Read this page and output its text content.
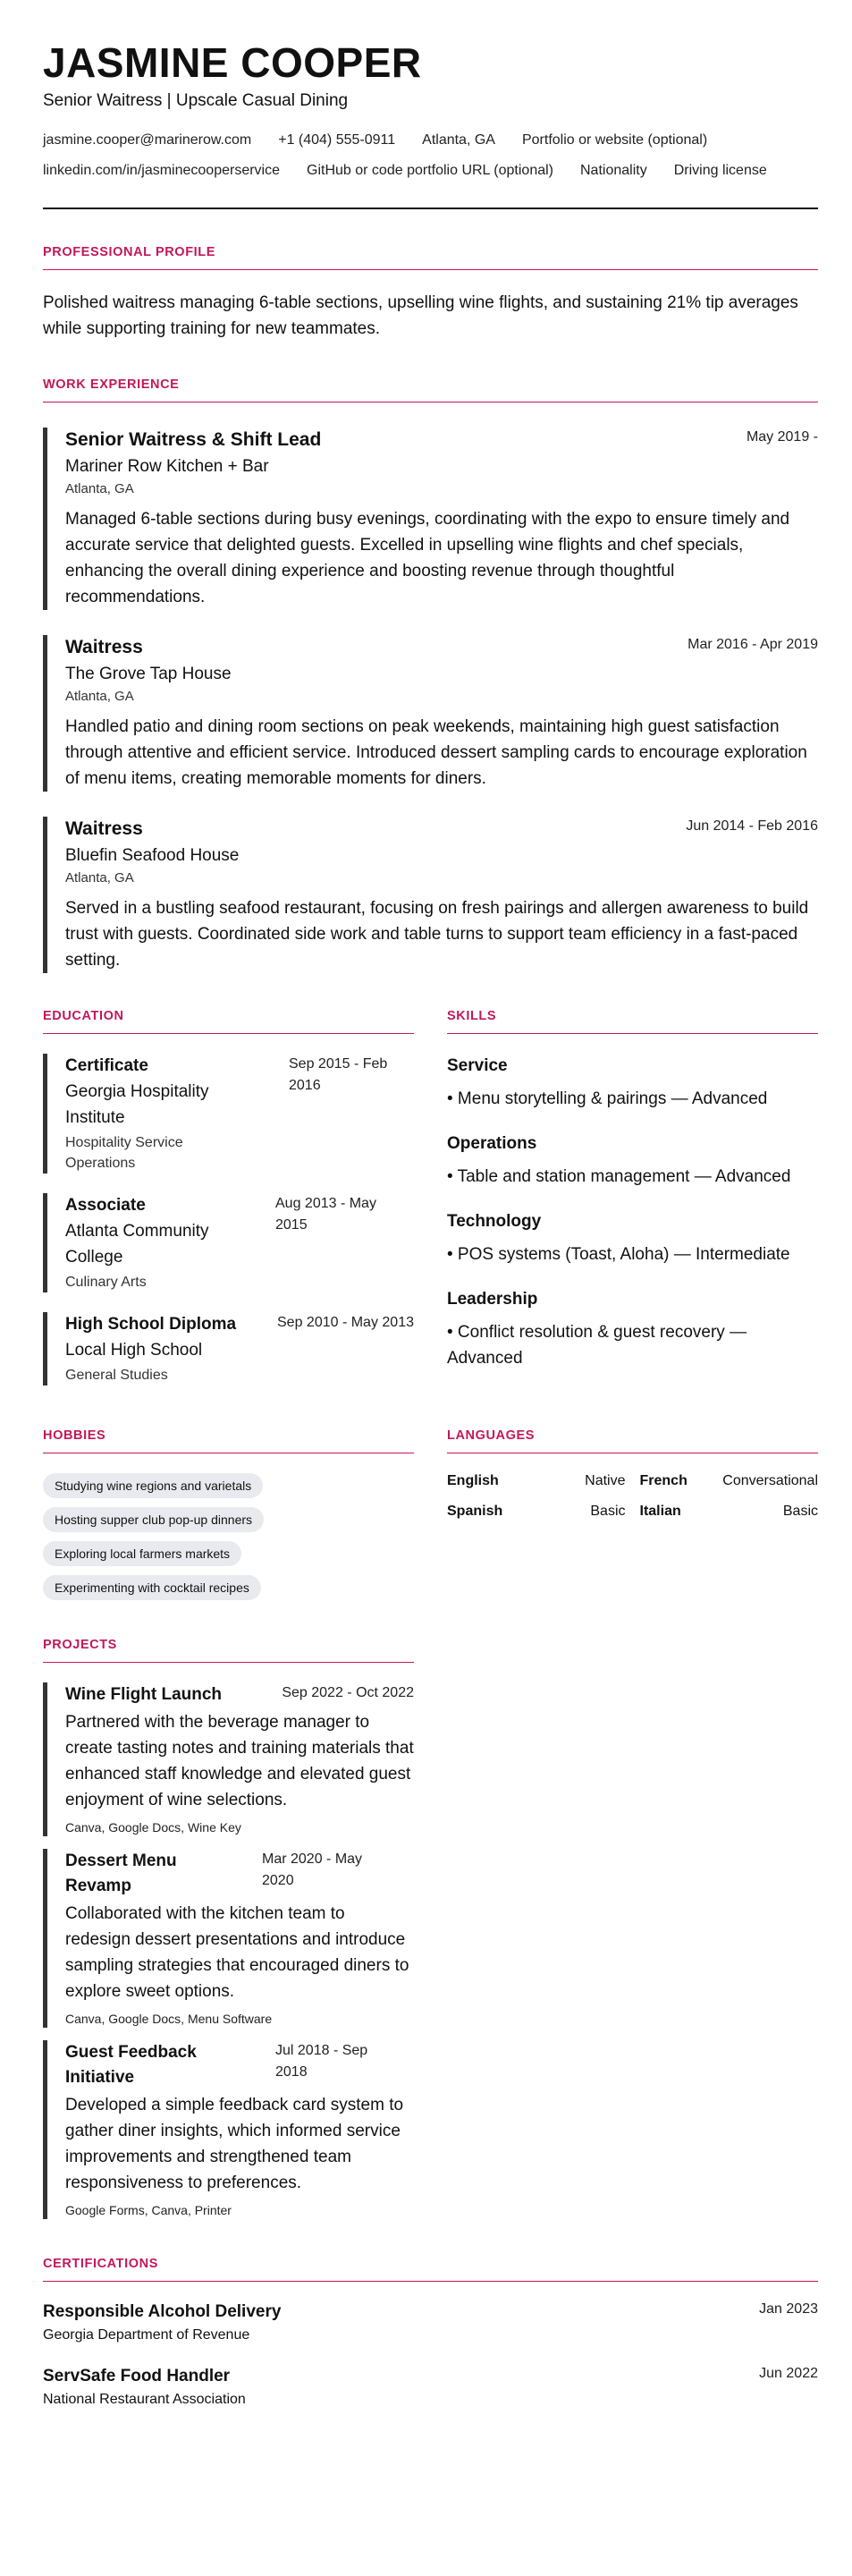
JASMINE COOPER
Senior Waitress | Upscale Casual Dining
jasmine.cooper@marinerow.com +1 (404) 555-0911 Atlanta, GA Portfolio or website (optional)
linkedin.com/in/jasminecooperservice GitHub or code portfolio URL (optional) Nationality Driving license
PROFESSIONAL PROFILE
Polished waitress managing 6-table sections, upselling wine flights, and sustaining 21% tip averages while supporting training for new teammates.
WORK EXPERIENCE
Senior Waitress & Shift Lead	May 2019 -
Mariner Row Kitchen + Bar
Atlanta, GA
Managed 6-table sections during busy evenings, coordinating with the expo to ensure timely and accurate service that delighted guests. Excelled in upselling wine flights and chef specials, enhancing the overall dining experience and boosting revenue through thoughtful recommendations.
Waitress	Mar 2016 - Apr 2019
The Grove Tap House
Atlanta, GA
Handled patio and dining room sections on peak weekends, maintaining high guest satisfaction through attentive and efficient service. Introduced dessert sampling cards to encourage exploration of menu items, creating memorable moments for diners.
Waitress	Jun 2014 - Feb 2016
Bluefin Seafood House
Atlanta, GA
Served in a bustling seafood restaurant, focusing on fresh pairings and allergen awareness to build trust with guests. Coordinated side work and table turns to support team efficiency in a fast-paced setting.
EDUCATION
Certificate	Sep 2015 - Feb 2016
Georgia Hospitality Institute
Hospitality Service Operations
Associate	Aug 2013 - May 2015
Atlanta Community College
Culinary Arts
High School Diploma	Sep 2010 - May 2013
Local High School
General Studies
SKILLS
Service
• Menu storytelling & pairings — Advanced
Operations
• Table and station management — Advanced
Technology
• POS systems (Toast, Aloha) — Intermediate
Leadership
• Conflict resolution & guest recovery — Advanced
HOBBIES
Studying wine regions and varietals
Hosting supper club pop-up dinners
Exploring local farmers markets
Experimenting with cocktail recipes
LANGUAGES
English	Native French Conversational
Spanish	Basic Italian	Basic
PROJECTS
Wine Flight Launch	Sep 2022 - Oct 2022
Partnered with the beverage manager to create tasting notes and training materials that enhanced staff knowledge and elevated guest enjoyment of wine selections.
Canva, Google Docs, Wine Key
Dessert Menu Revamp
Mar 2020 - May 2020
Collaborated with the kitchen team to redesign dessert presentations and introduce sampling strategies that encouraged diners to explore sweet options.
Canva, Google Docs, Menu Software
Guest Feedback Initiative
Jul 2018 - Sep 2018
Developed a simple feedback card system to gather diner insights, which informed service improvements and strengthened team responsiveness to preferences.
Google Forms, Canva, Printer
CERTIFICATIONS
Responsible Alcohol Delivery	Jan 2023
Georgia Department of Revenue
ServSafe Food Handler	Jun 2022
National Restaurant Association
